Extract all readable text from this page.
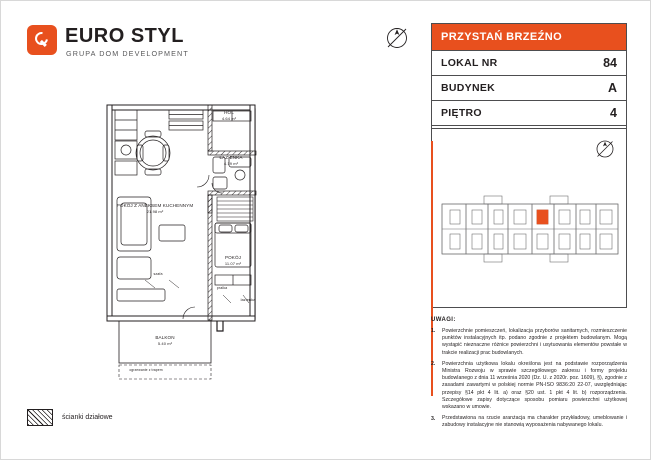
EURO STYL
GRUPA DOM DEVELOPMENT
HOL
4.64 m²
ŁAZIENKA
4.19 m²
POKÓJ Z ANEKSEM KUCHENNYM
21.98 m²
POKÓJ
11.07 m²
BALKON
5.40 m²
szafa
pralka
łazienka
ogrzewanie z trapem
PRZYSTAŃ BRZEŹNO
LOKAL NR	84
BUDYNEK	A
PIĘTRO	4
UWAGI:
1.	Powierzchnie pomieszczeń, lokalizacja przyborów sanitarnych, rozmieszczenie punktów instalacyjnych itp. podano zgodnie z projektem budowlanym. Mogą wystąpić nieznaczne różnice powierzchni i usytuowania elementów powstałe w trakcie realizacji prac budowlanych.
2.	Powierzchnia użytkowa lokalu określona jest na podstawie rozporządzenia Ministra Rozwoju w sprawie szczegółowego zakresu i formy projektu budowlanego z dnia 11 września 2020 (Dz. U. z 2020r. poz. 1609), §), zgodnie z zasadami zawartymi w polskiej normie PN-ISO 9836:20 22-07, uwzględniając przepisy §14 pkt 4 lit. a) oraz §20 ust. 1 pkt 4 lit. b) rozporządzenia. Szczegółowe zapisy dotyczące sposobu pomiaru powierzchni użytkowej wskazano w umowie.
3.	Przedstawiona na rzucie aranżacja ma charakter przykładowy, umeblowanie i zabudowy instalacyjne nie stanowią wyposażenia nabywanego lokalu.
ścianki działowe
